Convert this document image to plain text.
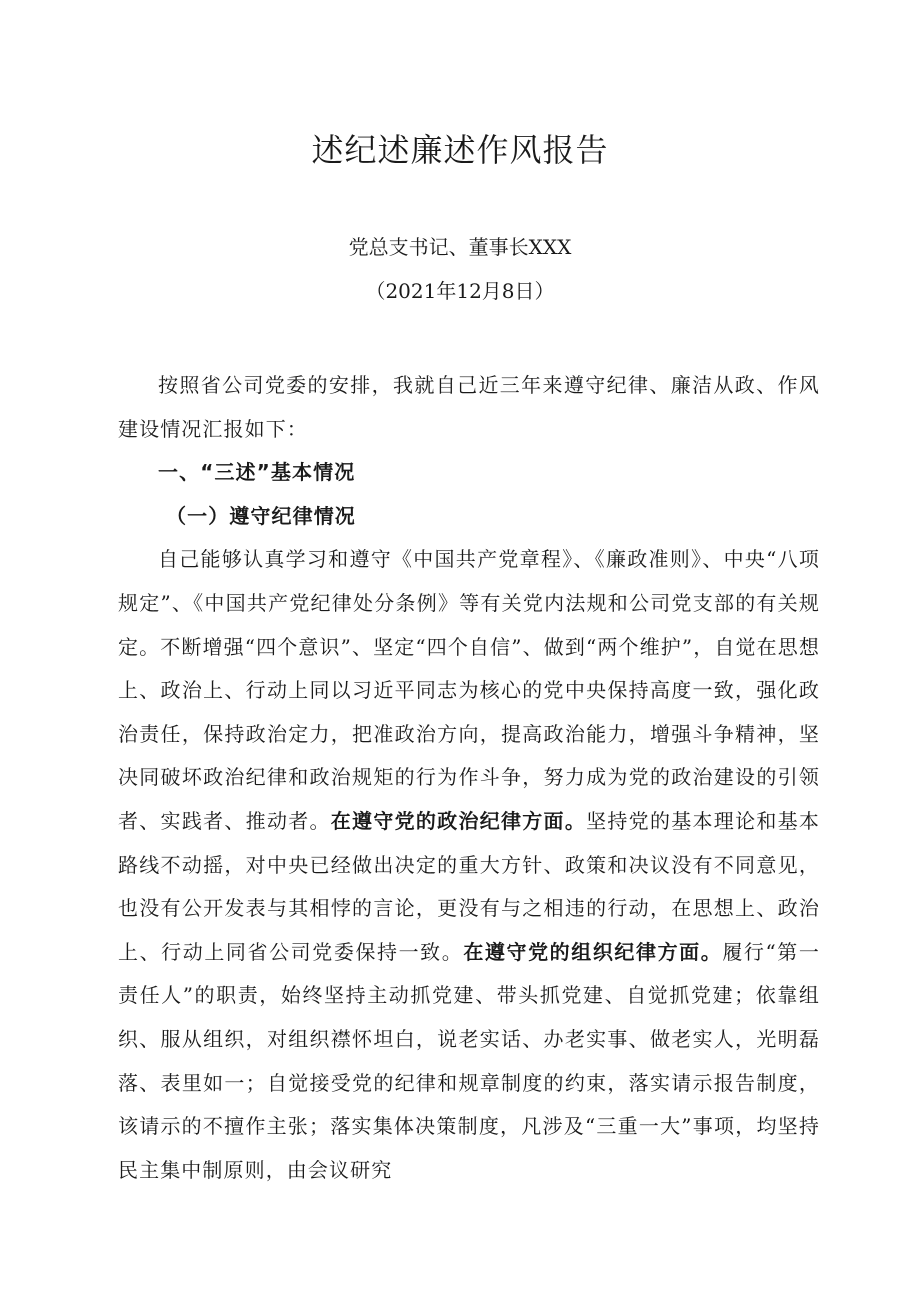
述纪述廉述作风报告
党总支书记、董事长XXX
（2021年12月8日）

按照省公司党委的安排，我就自己近三年来遵守纪律、廉洁从政、作风建设情况汇报如下：

一、“三述”基本情况

（一）遵守纪律情况

自己能够认真学习和遵守《中国共产党章程》、《廉政准则》、中央“八项规定”、《中国共产党纪律处分条例》等有关党内法规和公司党支部的有关规定。不断增强“四个意识”、坚定“四个自信”、做到“两个维护”，自觉在思想上、政治上、行动上同以习近平同志为核心的党中央保持高度一致，强化政治责任，保持政治定力，把准政治方向，提高政治能力，增强斗争精神，坚决同破坏政治纪律和政治规矩的行为作斗争，努力成为党的政治建设的引领者、实践者、推动者。在遵守党的政治纪律方面。坚持党的基本理论和基本路线不动摇，对中央已经做出决定的重大方针、政策和决议没有不同意见，也没有公开发表与其相悖的言论，更没有与之相违的行动，在思想上、政治上、行动上同省公司党委保持一致。在遵守党的组织纪律方面。履行“第一责任人”的职责，始终坚持主动抓党建、带头抓党建、自觉抓党建；依靠组织、服从组织，对组织襟怀坦白，说老实话、办老实事、做老实人，光明磊落、表里如一；自觉接受党的纪律和规章制度的约束，落实请示报告制度，该请示的不擅作主张；落实集体决策制度，凡涉及“三重一大”事项，均坚持民主集中制原则，由会议研究
